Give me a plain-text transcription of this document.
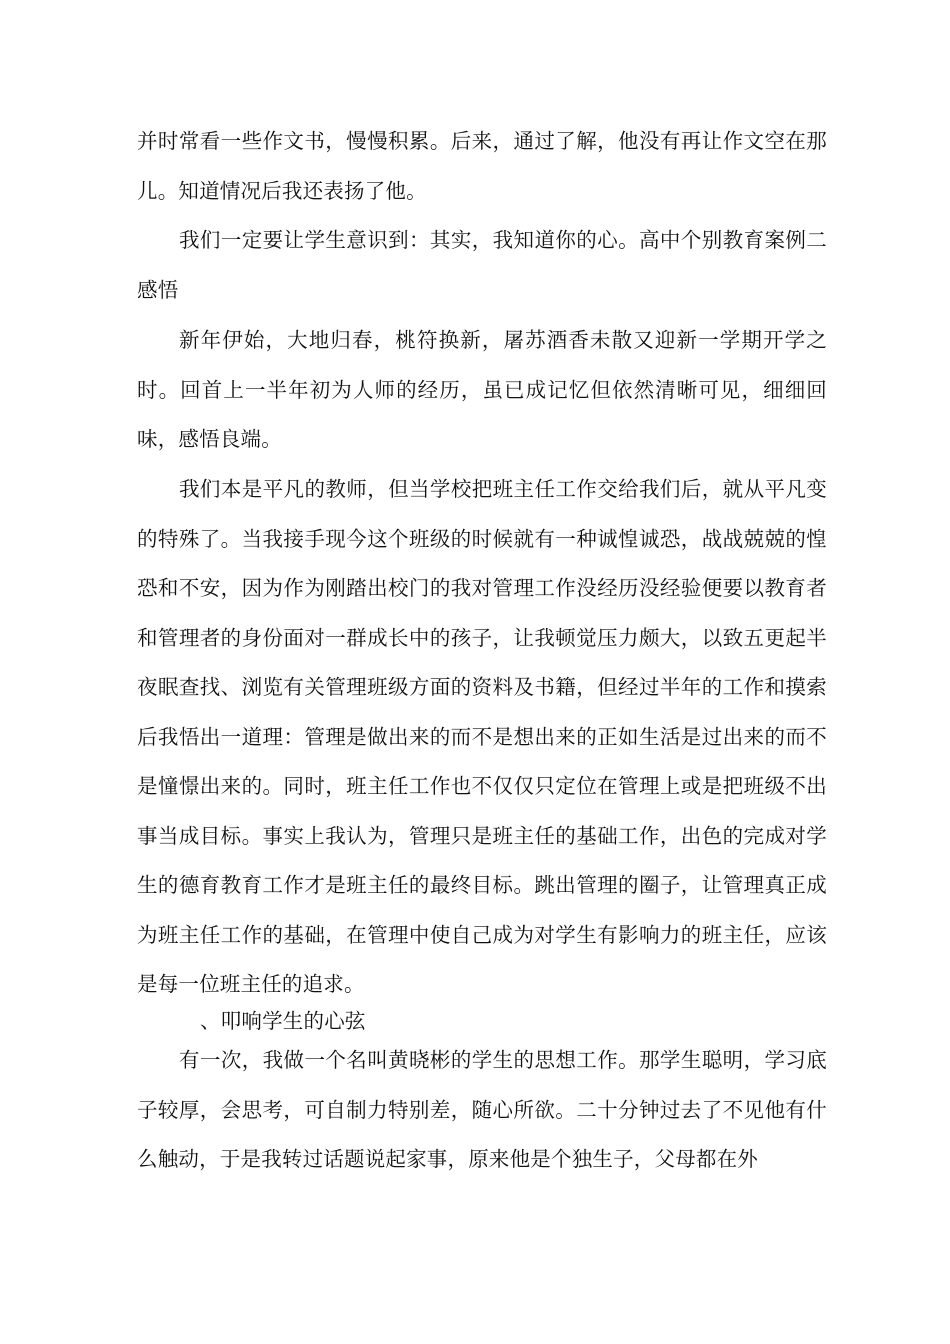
并时常看一些作文书，慢慢积累。后来，通过了解，他没有再让作文空在那儿。知道情况后我还表扬了他。

我们一定要让学生意识到：其实，我知道你的心。高中个别教育案例二感悟

新年伊始，大地归春，桃符换新，屠苏酒香未散又迎新一学期开学之时。回首上一半年初为人师的经历，虽已成记忆但依然清晰可见，细细回味，感悟良端。

我们本是平凡的教师，但当学校把班主任工作交给我们后，就从平凡变的特殊了。当我接手现今这个班级的时候就有一种诚惶诚恐，战战兢兢的惶恐和不安，因为作为刚踏出校门的我对管理工作没经历没经验便要以教育者和管理者的身份面对一群成长中的孩子，让我顿觉压力颇大，以致五更起半夜眠查找、浏览有关管理班级方面的资料及书籍，但经过半年的工作和摸索后我悟出一道理：管理是做出来的而不是想出来的正如生活是过出来的而不是憧憬出来的。同时，班主任工作也不仅仅只定位在管理上或是把班级不出事当成目标。事实上我认为，管理只是班主任的基础工作，出色的完成对学生的德育教育工作才是班主任的最终目标。跳出管理的圈子，让管理真正成为班主任工作的基础，在管理中使自己成为对学生有影响力的班主任，应该是每一位班主任的追求。

、叩响学生的心弦

有一次，我做一个名叫黄晓彬的学生的思想工作。那学生聪明，学习底子较厚，会思考，可自制力特别差，随心所欲。二十分钟过去了不见他有什么触动，于是我转过话题说起家事，原来他是个独生子，父母都在外
